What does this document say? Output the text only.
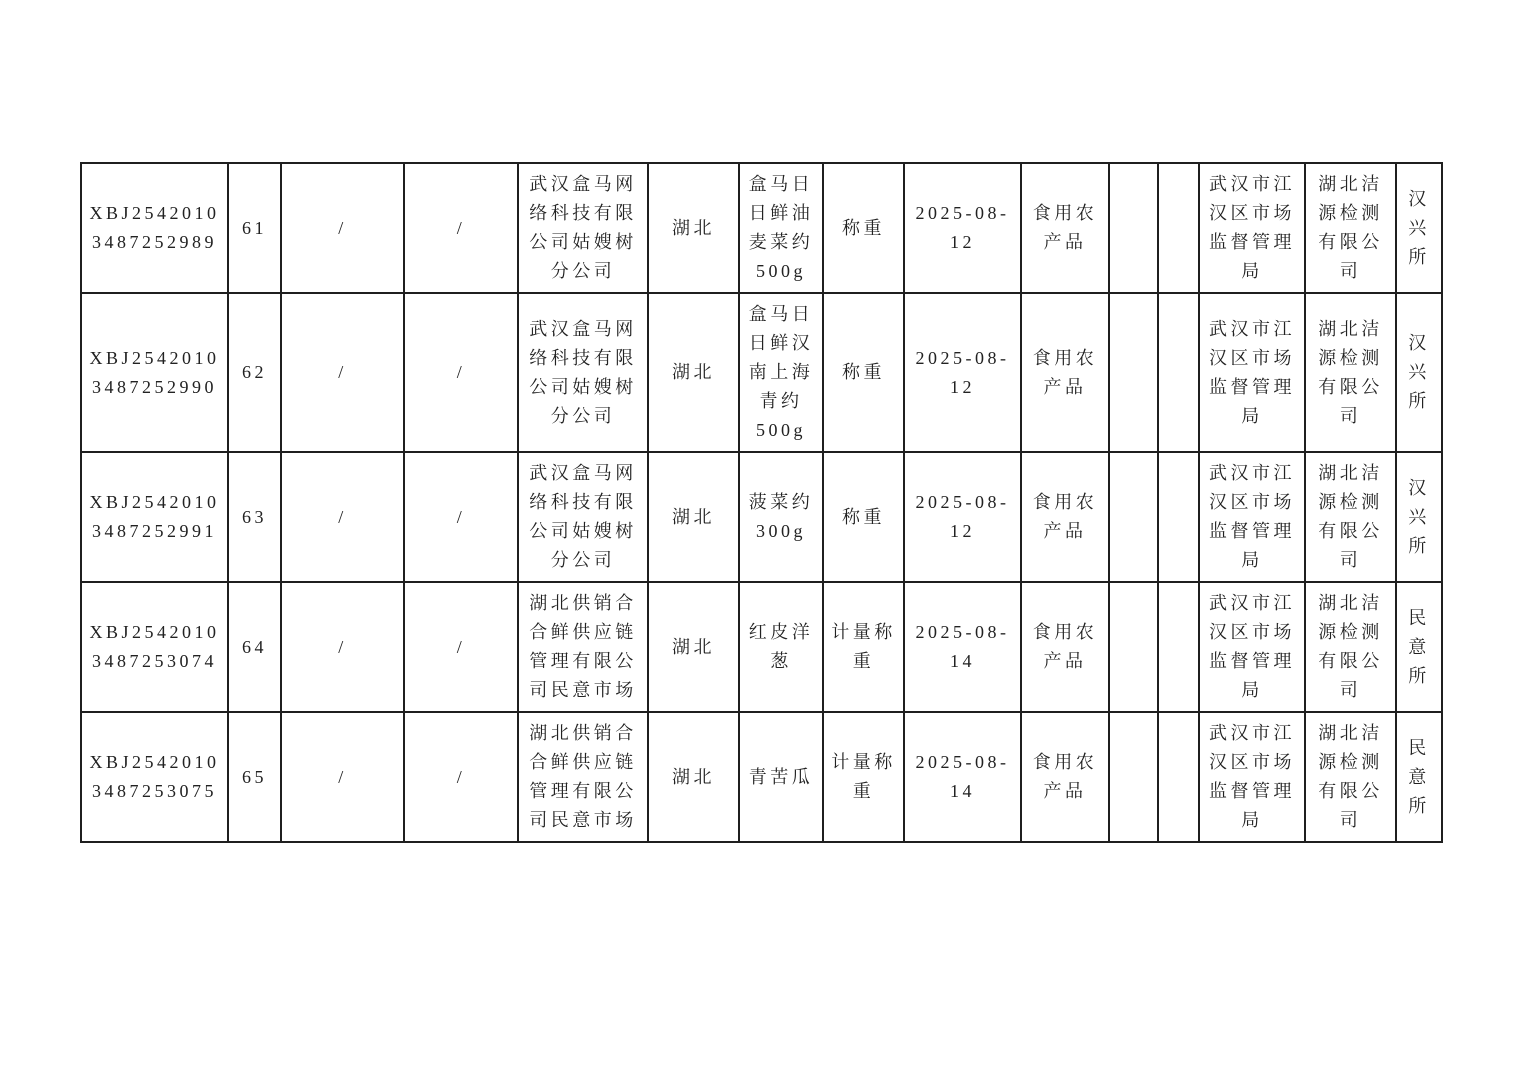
XBJ25420103487252989	61	/	/	武汉盒马网络科技有限公司姑嫂树分公司	湖北	盒马日日鲜油麦菜约500g	称重	2025-08-12	食用农产品			武汉市江汉区市场监督管理局	湖北洁源检测有限公司	汉兴所
XBJ25420103487252990	62	/	/	武汉盒马网络科技有限公司姑嫂树分公司	湖北	盒马日日鲜汉南上海青约500g	称重	2025-08-12	食用农产品			武汉市江汉区市场监督管理局	湖北洁源检测有限公司	汉兴所
XBJ25420103487252991	63	/	/	武汉盒马网络科技有限公司姑嫂树分公司	湖北	菠菜约300g	称重	2025-08-12	食用农产品			武汉市江汉区市场监督管理局	湖北洁源检测有限公司	汉兴所
XBJ25420103487253074	64	/	/	湖北供销合合鲜供应链管理有限公司民意市场	湖北	红皮洋葱	计量称重	2025-08-14	食用农产品			武汉市江汉区市场监督管理局	湖北洁源检测有限公司	民意所
XBJ25420103487253075	65	/	/	湖北供销合合鲜供应链管理有限公司民意市场	湖北	青苦瓜	计量称重	2025-08-14	食用农产品			武汉市江汉区市场监督管理局	湖北洁源检测有限公司	民意所
